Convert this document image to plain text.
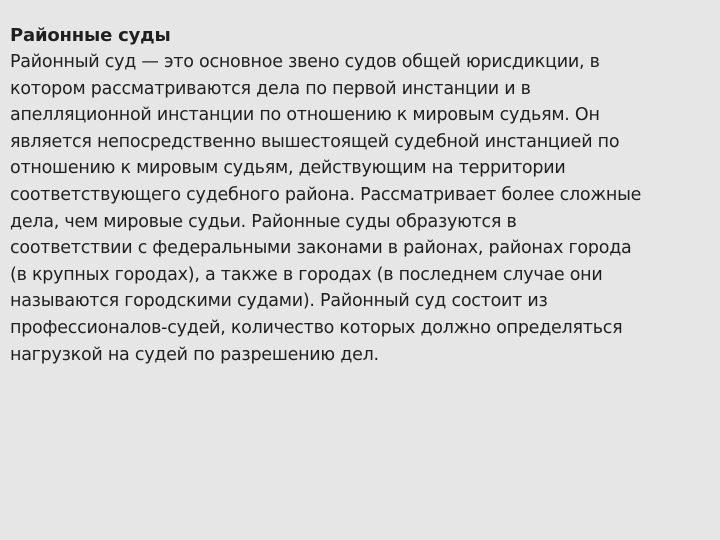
Районные суды

Районный суд — это основное звено судов общей юрисдикции, в
котором рассматриваются дела по первой инстанции и в
апелляционной инстанции по отношению к мировым судьям. Он
является непосредственно вышестоящей судебной инстанцией по
отношению к мировым судьям, действующим на территории
соответствующего судебного района. Рассматривает более сложные
дела, чем мировые судьи. Районные суды образуются в
соответствии с федеральными законами в районах, районах города
(в крупных городах), а также в городах (в последнем случае они
называются городскими судами). Районный суд состоит из
профессионалов-судей, количество которых должно определяться
нагрузкой на судей по разрешению дел.
